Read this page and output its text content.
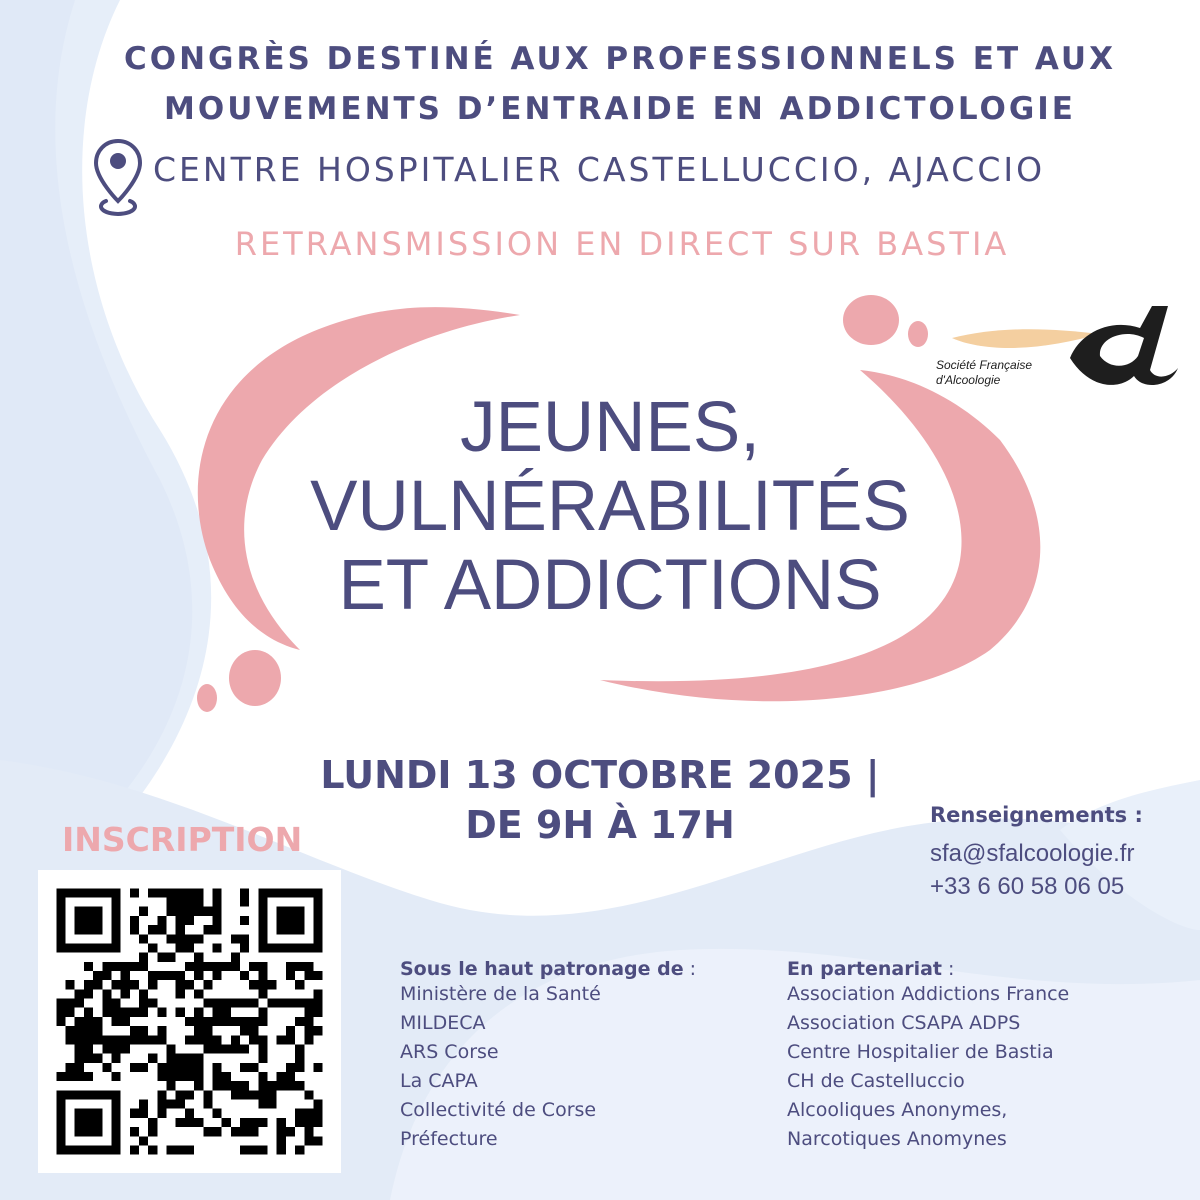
CONGRÈS DESTINÉ AUX PROFESSIONNELS ET AUX
MOUVEMENTS D’ENTRAIDE EN ADDICTOLOGIE
CENTRE HOSPITALIER CASTELLUCCIO, AJACCIO
RETRANSMISSION EN DIRECT SUR BASTIA
Société Française
d'Alcoologie
JEUNES,
VULNÉRABILITÉS
ET ADDICTIONS
LUNDI 13 OCTOBRE 2025 |
DE 9H À 17H	Renseignements :
sfa@sfalcoologie.fr
+33 6 60 58 06 05
INSCRIPTION
Sous le haut patronage de :
Ministère de la Santé
MILDECA
ARS Corse
La CAPA
Collectivité de Corse
Préfecture
En partenariat :
Association Addictions France
Association CSAPA ADPS
Centre Hospitalier de Bastia
CH de Castelluccio
Alcooliques Anonymes,
Narcotiques Anomynes
